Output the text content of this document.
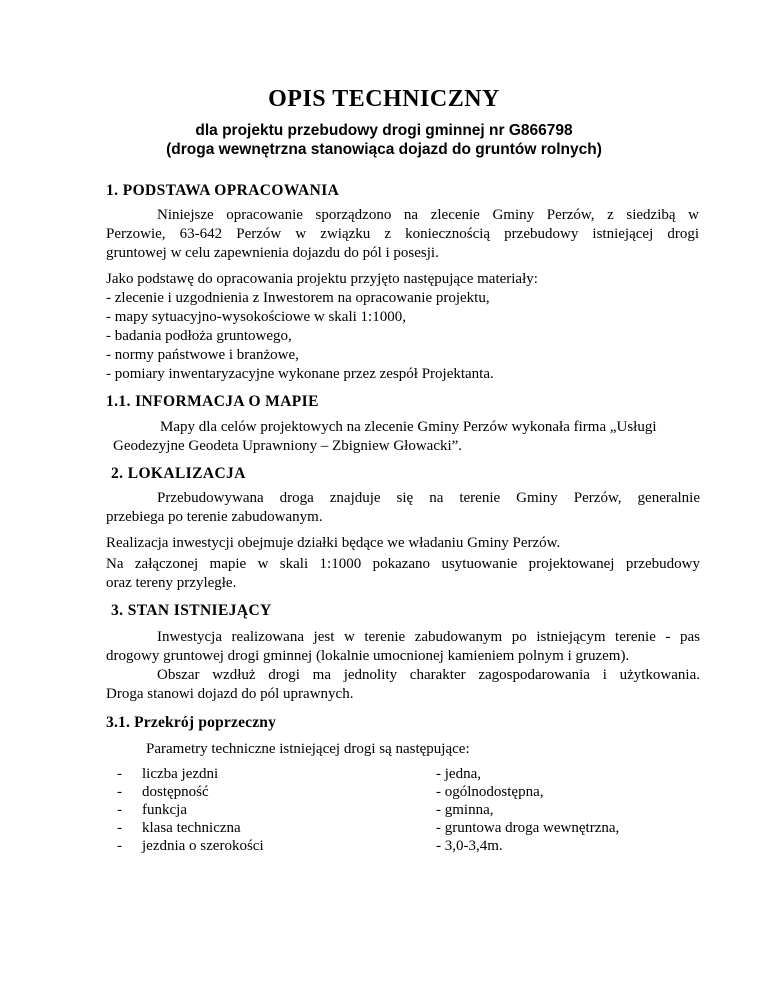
OPIS TECHNICZNY
dla projektu przebudowy drogi gminnej nr G866798
(droga wewnętrzna stanowiąca dojazd do gruntów rolnych)
1. PODSTAWA OPRACOWANIA
Niniejsze opracowanie sporządzono na zlecenie Gminy Perzów, z siedzibą w
Perzowie, 63-642 Perzów w związku z koniecznością przebudowy istniejącej drogi
gruntowej w celu zapewnienia dojazdu do pól i posesji.
Jako podstawę do opracowania projektu przyjęto następujące materiały:
- zlecenie i uzgodnienia z Inwestorem na opracowanie projektu,
- mapy sytuacyjno-wysokościowe w skali 1:1000,
- badania podłoża gruntowego,
- normy państwowe i branżowe,
- pomiary inwentaryzacyjne wykonane przez zespół Projektanta.
1.1. INFORMACJA O MAPIE
Mapy dla celów projektowych na zlecenie Gminy Perzów wykonała firma „Usługi
Geodezyjne Geodeta Uprawniony – Zbigniew Głowacki”.
2. LOKALIZACJA
Przebudowywana droga znajduje się na terenie Gminy Perzów, generalnie
przebiega po terenie zabudowanym.
Realizacja inwestycji obejmuje działki będące we władaniu Gminy Perzów.
Na załączonej mapie w skali 1:1000 pokazano usytuowanie projektowanej przebudowy
oraz tereny przyległe.
3. STAN ISTNIEJĄCY
Inwestycja realizowana jest w terenie zabudowanym po istniejącym terenie - pas
drogowy gruntowej drogi gminnej (lokalnie umocnionej kamieniem polnym i gruzem).
Obszar wzdłuż drogi ma jednolity charakter zagospodarowania i użytkowania.
Droga stanowi dojazd do pól uprawnych.
3.1. Przekrój poprzeczny
Parametry techniczne istniejącej drogi są następujące:
- liczba jezdni	- jedna,
- dostępność	- ogólnodostępna,
- funkcja	- gminna,
- klasa techniczna	- gruntowa droga wewnętrzna,
- jezdnia o szerokości	- 3,0-3,4m.
